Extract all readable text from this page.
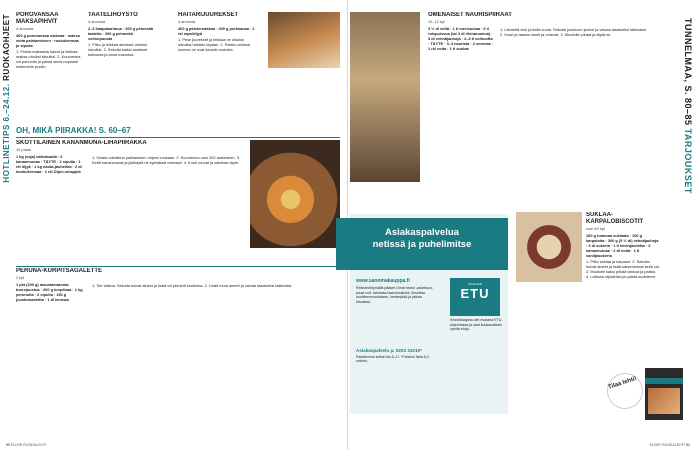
HOTLINETIPS 6.–24.12. RUOKAOHJEET POROVANSAA MAKSAPIHVIT
4 annosta
400 g porovansaa maksaa · maksa voita paistamiseen · ruokokermaa ja sipulia
1. Poista maksasta kalvot ja leikkaa maksa ohuiksi siivuiksi. 2. Kuumenna voi pannulla ja paista siivut nopeasti molemmin puolin.
TAATELIHÖYSTÖ
4 annosta
2–3 haapakarimua · 200 g pehmeää taatelia · 200 g pehmeää voihoipuusta
1. Pilko ja leikkaa ainekset ohuiksi siivuiksi. 2. Sekoita kaikki ainekset kulhossa ja anna maustua.
HAITARIJUUREKSET
4 annosta
400 g palsternakkaa · 400 g porkkanaa · 2 rkl rapsiöljyä
1. Pese juurekset ja leikkaa ne ohuiksi siivuiksi haitarin tapaan. 2. Paista uunissa kunnes ne ovat kauniin ruskeita.
OH, MIKÄ PIIRAKKA! S. 60–67
SKOTTILAINEN KANANMUNA-LIHAPIIRAKKA
10 palaa
1 kg (vaja) valkokaalia · 6 kananmunaa · TÄYTE · 2 sipulia · 1 rkl öljyä · 1 kg nauta-jauheliha · 2 dl kuohukermaa · 2 rkl Dijon-sinappia
1. Sulata voitaikina pakkauksen ohjeen mukaan. 2. Kuumenna uuni 200 asteeseen. 3. Keitä kananmunat ja jäähdytä ne kylmässä vedessä. 4. Kuori munat ja valmista täyte.
PERUNA-KURPITSAGALETTE
2 kpl
1 pkt (200 g) maustamatonta tuorejuustoa · 200 g kurpitsaa · 1 kg perunoita · 2 sipulia · 150 g juustoraastetta · 1 dl kermaa
1. Tee taikina. Sekoita kuivat aineet ja lisää voi pieninä kuutioina. 2. Lisää muut aineet ja vaivaa tasaiseksi taikinaksi.
90 ELIXIR RUOKALEHTI
TUNNELMAA, S. 80–85 TARJOUKSET
OMENAISET NAURISPIIRAAT
10–12 kpl
3 ½ dl vettä · 1 tl merisuolaa · 6 rl ruispuissua (tai 3 dl rikinaruukua) · 3 dl vehnäjauhoja · 2–3 tl voihuotta · TÄYTE · 3–4 naurista · 2 omenaa · 1 rkl voita · 1 tl suolaa
1. Lämmitä vesi ja lisää suola. Sekoita joukkoon jauhot ja vaivaa tasaiseksi taikinaksi. 2. Kuori ja raasta naurit ja omenat. 3. Muotoile piiraat ja täytä ne.
SUKLAA-KARPALOBISCOTIT
noin 40 kpl
100 g tummaa suklaata · 100 g karpaloita · 300 g (5 ½ dl) vehnäjauhoja · 4 dl sokeria · 1 tl leivinjauhetta · 3 kananmunaa · 2 dl voita · 1 tl vaniljasokeria
1. Pilko suklaa ja karpalot. 2. Sekoita kuivat aineet ja lisää kananmunat sekä voi. 3. Muotoile kaksi pitkää tankoa ja paista. 4. Leikkaa viipaleiksi ja paista uudelleen.
ELIXIR RUOKALEHTI 91
Asiakaspalvelua
netissä ja puhelimitse
www.sanomakauppa.fi
Rekisteröitymällä pääset Omat tiedot -palveluun, jossa voit: tarkistaa laskutustiedot, ilmoittaa osoitteenmuutoksen, keskeyttää ja jatkaa tilaustasi.
TILAAJAN
ETU
Kestotilaajana olet mukana ETU-ohjelmassa ja saat kuukausittain upeita etuja.
Asiakaspalvelu p. 0203 31010*
Palvelemme arkisin klo 8–17. *Puhelun hinta 8,4 snt/min.
Tilaa lehti!
